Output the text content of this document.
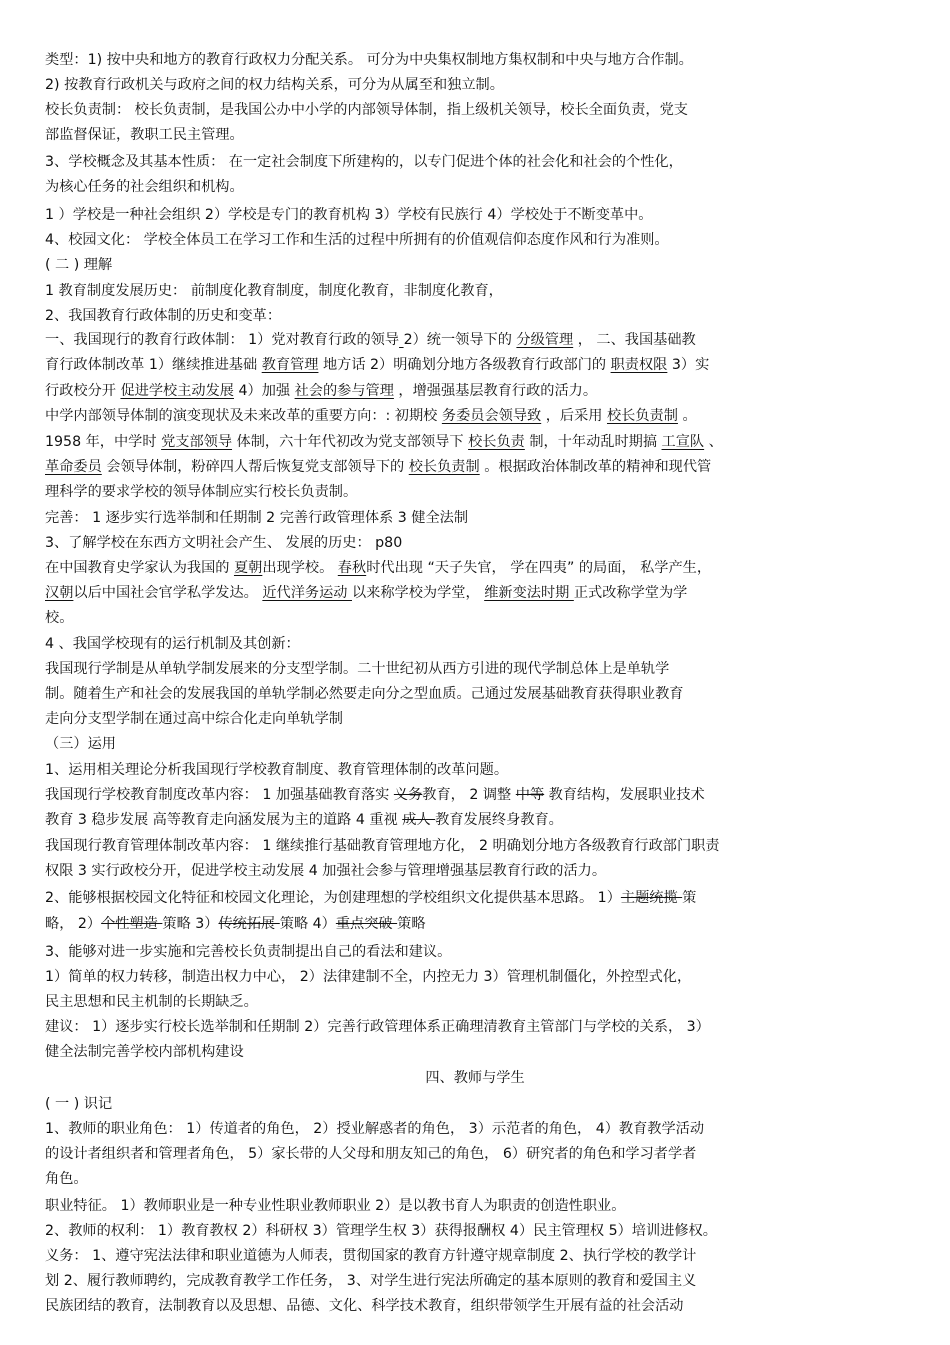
类型：1) 按中央和地方的教育行政权力分配关系。 可分为中央集权制地方集权制和中央与地方合作制。
2) 按教育行政机关与政府之间的权力结构关系，可分为从属至和独立制。
校长负责制： 校长负责制，是我国公办中小学的内部领导体制，指上级机关领导，校长全面负责，党支
部监督保证，教职工民主管理。
3、学校概念及其基本性质： 在一定社会制度下所建构的，以专门促进个体的社会化和社会的个性化，
为核心任务的社会组织和机构。
1 ）学校是一种社会组织 2）学校是专门的教育机构 3）学校有民族行 4）学校处于不断变革中。
4、校园文化： 学校全体员工在学习工作和生活的过程中所拥有的价值观信仰态度作风和行为准则。
( 二 ) 理解
1 教育制度发展历史： 前制度化教育制度，制度化教育，非制度化教育，
2、我国教育行政体制的历史和变革：
一、我国现行的教育行政体制： 1）党对教育行政的领导 2）统一领导下的 分级管理 ， 二、我国基础教
育行政体制改革 1）继续推进基础 教育管理 地方话 2）明确划分地方各级教育行政部门的 职责权限 3）实
行政校分开 促进学校主动发展 4）加强 社会的参与管理 ，增强强基层教育行政的活力。
中学内部领导体制的演变现状及未来改革的重要方向：: 初期校 务委员会领导致 ，后采用 校长负责制 。
1958 年，中学时 党支部领导 体制，六十年代初改为党支部领导下 校长负责 制，十年动乱时期搞 工宣队 、
革命委员 会领导体制，粉碎四人帮后恢复党支部领导下的 校长负责制 。根据政治体制改革的精神和现代管
理科学的要求学校的领导体制应实行校长负责制。
完善： 1 逐步实行选举制和任期制 2 完善行政管理体系 3 健全法制
3、了解学校在东西方文明社会产生、 发展的历史： p80
在中国教育史学家认为我国的 夏朝出现学校。 春秋时代出现 “天子失官， 学在四夷” 的局面， 私学产生，
汉朝以后中国社会官学私学发达。 近代洋务运动 以来称学校为学堂， 维新变法时期 正式改称学堂为学
校。
4 、我国学校现有的运行机制及其创新：
我国现行学制是从单轨学制发展来的分支型学制。二十世纪初从西方引进的现代学制总体上是单轨学
制。随着生产和社会的发展我国的单轨学制必然要走向分之型血质。己通过发展基础教育获得职业教育
走向分支型学制在通过高中综合化走向单轨学制
（三）运用
1、运用相关理论分析我国现行学校教育制度、教育管理体制的改革问题。
我国现行学校教育制度改革内容： 1 加强基础教育落实 义务教育， 2 调整 中等 教育结构，发展职业技术
教育 3 稳步发展 高等教育走向涵发展为主的道路 4 重视 成人 教育发展终身教育。
我国现行教育管理体制改革内容： 1 继续推行基础教育管理地方化， 2 明确划分地方各级教育行政部门职责
权限 3 实行政校分开，促进学校主动发展 4 加强社会参与管理增强基层教育行政的活力。
2、能够根据校园文化特征和校园文化理论，为创建理想的学校组织文化提供基本思路。 1）主题统揽 策
略， 2）个性塑造 策略 3）传统拓展 策略 4）重点突破 策略
3、能够对进一步实施和完善校长负责制提出自己的看法和建议。
1）简单的权力转移，制造出权力中心， 2）法律建制不全，内控无力 3）管理机制僵化，外控型式化，
民主思想和民主机制的长期缺乏。
建议： 1）逐步实行校长选举制和任期制 2）完善行政管理体系正确理清教育主管部门与学校的关系， 3）
健全法制完善学校内部机构建设
四、教师与学生
( 一 ) 识记
1、教师的职业角色： 1）传道者的角色， 2）授业解惑者的角色， 3）示范者的角色， 4）教育教学活动
的设计者组织者和管理者角色， 5）家长带的人父母和朋友知己的角色， 6）研究者的角色和学习者学者
角色。
职业特征。 1）教师职业是一种专业性职业教师职业 2）是以教书育人为职责的创造性职业。
2、教师的权利： 1）教育教权 2）科研权 3）管理学生权 3）获得报酬权 4）民主管理权 5）培训进修权。
义务： 1、遵守宪法法律和职业道德为人师表，贯彻国家的教育方针遵守规章制度 2、执行学校的教学计
划 2、履行教师聘约，完成教育教学工作任务， 3、对学生进行宪法所确定的基本原则的教育和爱国主义
民族团结的教育，法制教育以及思想、品德、文化、科学技术教育，组织带领学生开展有益的社会活动
